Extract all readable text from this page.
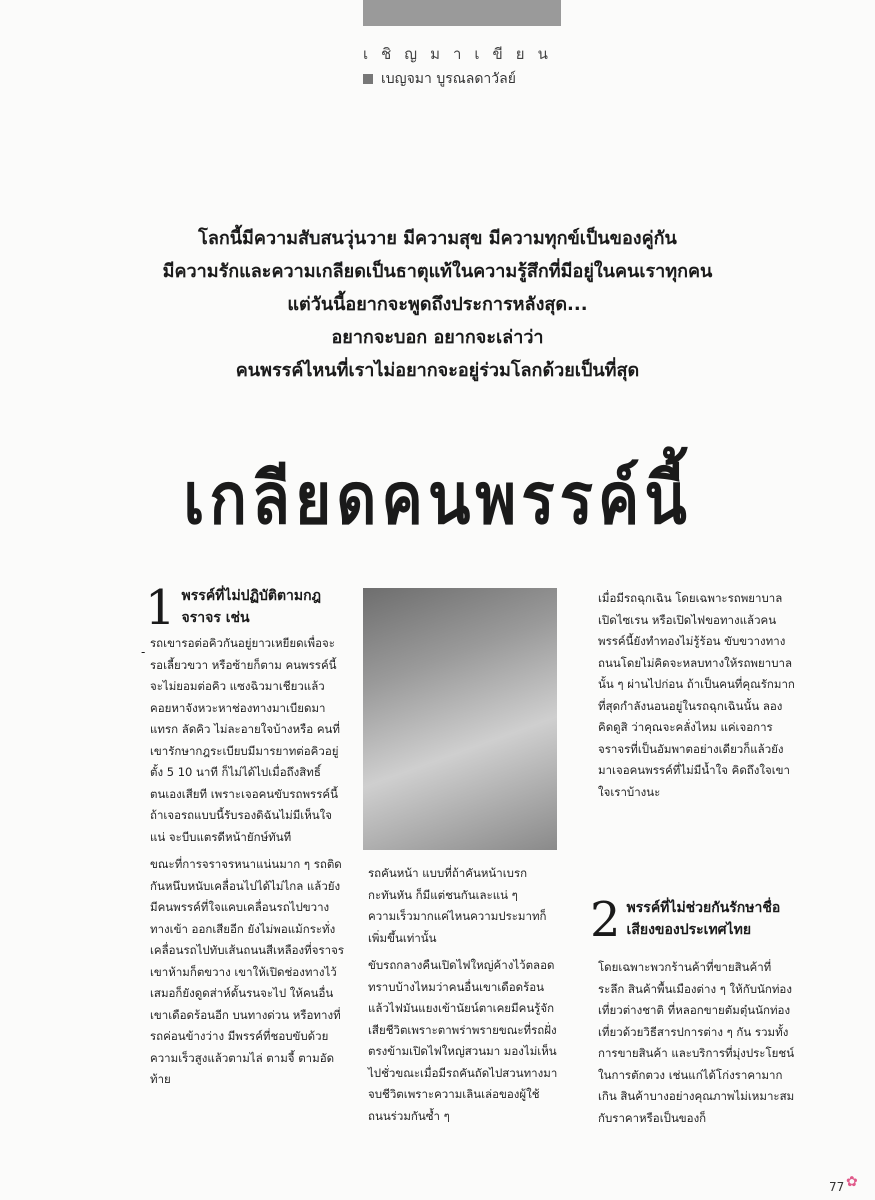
เชิญมาเขียน
เบญจมา บูรณลดาวัลย์
โลกนี้มีความสับสนวุ่นวาย มีความสุข มีความทุกข์เป็นของคู่กัน
มีความรักและความเกลียดเป็นธาตุแท้ในความรู้สึกที่มีอยู่ในคนเราทุกคน
แต่วันนี้อยากจะพูดถึงประการหลังสุด...
อยากจะบอก อยากจะเล่าว่า
คนพรรค์ไหนที่เราไม่อยากจะอยู่ร่วมโลกด้วยเป็นที่สุด
เกลียดคนพรรค์นี้
1 พรรค์ที่ไม่ปฏิบัติตามกฎจราจร เช่น
-

รถเขารอต่อคิวกันอยู่ยาวเหยียดเพื่อจะรอเลี้ยวขวา หรือซ้ายก็ตาม คนพรรค์นี้จะไม่ยอมต่อคิว แซงฉิวมาเชียวแล้วคอยหาจังหวะหาช่องทางมาเบียดมาแทรก ลัดคิว ไม่ละอายใจบ้างหรือ คนที่เขารักษากฎระเบียบมีมารยาทต่อคิวอยู่ตั้ง 5 10 นาที ก็ไม่ได้ไปเมื่อถึงสิทธิ์ตนเองเสียที เพราะเจอคนขับรถพรรค์นี้ ถ้าเจอรถแบบนี้รับรองดิฉันไม่มีเห็นใจแน่ จะบีบแตรดีหน้ายักษ์ทันที

ขณะที่การจราจรหนาแน่นมาก ๆ รถติดกันหนึบหนับเคลื่อนไปได้ไม่ไกล แล้วยังมีคนพรรค์ที่ใจแคบเคลื่อนรถไปขวางทางเข้า ออกเสียอีก ยังไม่พอแม้กระทั่งเคลื่อนรถไปทับเส้นถนนสีเหลืองที่จราจรเขาห้ามก็ตขวาง เขาให้เปิดช่องทางไว้เสมอก็ยังดูดส่าห์ดั้นรนจะไป ให้คนอื่นเขาเดือดร้อนอีก บนทางด่วน หรือทางที่รถค่อนข้างว่าง มีพรรค์ที่ชอบขับด้วยความเร็วสูงแล้วตามไล่ ตามจี้ ตามอัดท้าย

รถคันหน้า แบบที่ถ้าคันหน้าเบรกกะทันหัน ก็มีแต่ชนกันเละแน่ ๆ ความเร็วมากแค่ไหนความประมาทก็เพิ่มขึ้นเท่านั้น

ขับรถกลางคืนเปิดไฟใหญ่ค้างไว้ตลอด ทราบบ้างไหมว่าคนอื่นเขาเดือดร้อนแล้วไฟมันแยงเข้านัยน์ตาเคยมีคนรู้จักเสียชีวิตเพราะตาพร่าพรายขณะที่รถฝั่งตรงข้ามเปิดไฟใหญ่สวนมา มองไม่เห็นไปชั่วขณะเมื่อมีรถคันถัดไปสวนทางมา จบชีวิตเพราะความเลินเล่อของผู้ใช้ถนนร่วมกันซ้ำ ๆ

เมื่อมีรถฉุกเฉิน โดยเฉพาะรถพยาบาลเปิดไซเรน หรือเปิดไฟขอทางแล้วคนพรรค์นี้ยังทำทองไม่รู้ร้อน ขับขวางทางถนนโดยไม่คิดจะหลบทางให้รถพยาบาลนั้น ๆ ผ่านไปก่อน ถ้าเป็นคนที่คุณรักมากที่สุดกำลังนอนอยู่ในรถฉุกเฉินนั้น ลองคิดดูสิ ว่าคุณจะคลั่งไหม แค่เจอการจราจรที่เป็นอัมพาตอย่างเดียวก็แล้วยังมาเจอคนพรรค์ที่ไม่มีน้ำใจ คิดถึงใจเขาใจเราบ้างนะ

2 พรรค์ที่ไม่ช่วยกันรักษาชื่อเสียงของประเทศไทย

โดยเฉพาะพวกร้านค้าที่ขายสินค้าที่ระลึก สินค้าพื้นเมืองต่าง ๆ ให้กับนักท่องเที่ยวต่างชาติ ที่หลอกขายตัมตุ๋นนักท่องเที่ยวด้วยวิธีสารปการต่าง ๆ กัน รวมทั้งการขายสินค้า และบริการที่มุ่งประโยชน์ในการตักตวง เช่นแก่ได้โก่งราคามากเกิน สินค้าบางอย่างคุณภาพไม่เหมาะสมกับราคาหรือเป็นของก็

77 ✿
